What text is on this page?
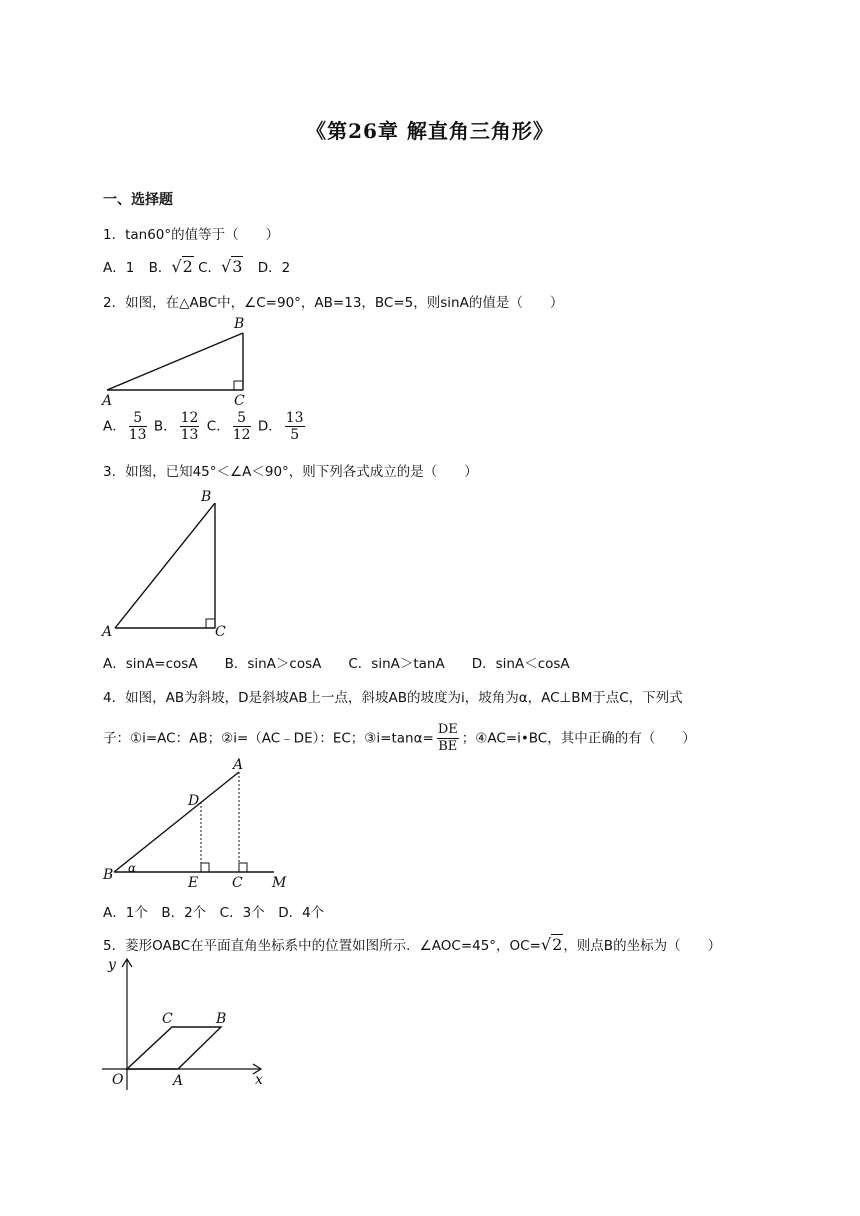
《第26章 解直角三角形》
一、选择题
1．tan60°的值等于（　　）
A．1 B．√2 C．√3 D．2
2．如图，在△ABC中，∠C=90°，AB=13，BC=5，则sinA的值是（　　）
B
A	C
A． $\frac{5}{13}$ B． $\frac{12}{13}$ C． $\frac{5}{12}$ D． $\frac{13}{5}$
3．如图，已知45°＜∠A＜90°，则下列各式成立的是（　　）
B
A	C
A．sinA=cosA　　B．sinA＞cosA　　C．sinA＞tanA　　D．sinA＜cosA
4．如图，AB为斜坡，D是斜坡AB上一点，斜坡AB的坡度为i，坡角为α，AC⊥BM于点C，下列式
子：①i=AC：AB；②i=（AC﹣DE）：EC；③i=tanα= $\frac{DE}{BE}$ ；④AC=i•BC，其中正确的有（　　）
A
D
B α
E C M
A．1个　B．2个　C．3个　D．4个
5．菱形OABC在平面直角坐标系中的位置如图所示．∠AOC=45°，OC=√2，则点B的坐标为（　　）
y
x
O	A
C	B
